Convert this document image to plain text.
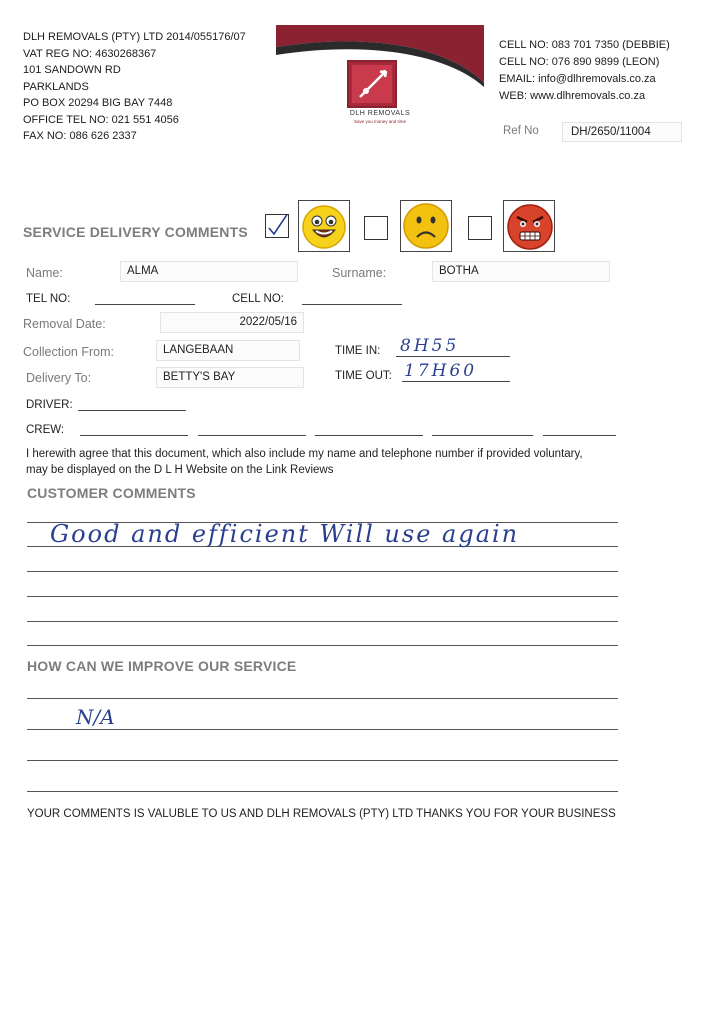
DLH REMOVALS (PTY) LTD 2014/055176/07
VAT REG NO: 4630268367
101 SANDOWN RD
PARKLANDS
PO BOX 20294 BIG BAY 7448
OFFICE TEL NO: 021 551 4056
FAX NO: 086 626 2337
DLH REMOVALS
Save you money and time
CELL NO: 083 701 7350 (DEBBIE)
CELL NO: 076 890 9899 (LEON)
EMAIL: info@dlhremovals.co.za
WEB: www.dlhremovals.co.za
Ref No	DH/2650/11004
SERVICE DELIVERY COMMENTS
Name:	ALMA	Surname:	BOTHA
TEL NO:	CELL NO:
Removal Date:	2022/05/16
Collection From:	LANGEBAAN	TIME IN: 8H55
Delivery To:	BETTY'S BAY	TIME OUT: 17H60
DRIVER:
CREW:
I herewith agree that this document, which also include my name and telephone number if provided voluntary,
may be displayed on the D L H Website on the Link Reviews
CUSTOMER COMMENTS
Good and efficient Will use again
HOW CAN WE IMPROVE OUR SERVICE
N/A
YOUR COMMENTS IS VALUBLE TO US AND DLH REMOVALS (PTY) LTD THANKS YOU FOR YOUR BUSINESS
